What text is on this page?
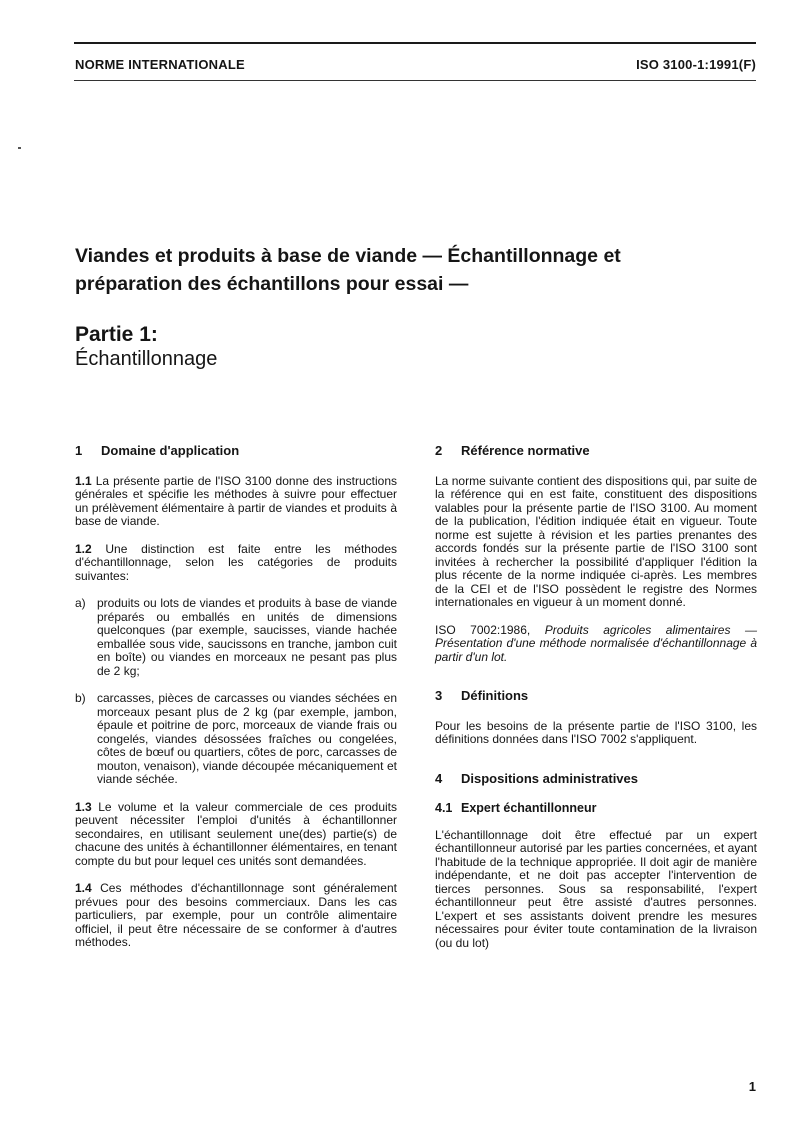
NORME INTERNATIONALE	ISO 3100-1:1991(F)
Viandes et produits à base de viande — Échantillonnage et
préparation des échantillons pour essai —
Partie 1:
Échantillonnage
1 Domaine d'application

1.1 La présente partie de l'ISO 3100 donne des instructions générales et spécifie les méthodes à suivre pour effectuer un prélèvement élémentaire à partir de viandes et produits à base de viande.

1.2 Une distinction est faite entre les méthodes d'échantillonnage, selon les catégories de produits suivantes:

a) produits ou lots de viandes et produits à base de viande préparés ou emballés en unités de dimensions quelconques (par exemple, saucisses, viande hachée emballée sous vide, saucissons en tranche, jambon cuit en boîte) ou viandes en morceaux ne pesant pas plus de 2 kg;
b) carcasses, pièces de carcasses ou viandes séchées en morceaux pesant plus de 2 kg (par exemple, jambon, épaule et poitrine de porc, morceaux de viande frais ou congelés, viandes désossées fraîches ou congelées, côtes de bœuf ou quartiers, côtes de porc, carcasses de mouton, venaison), viande découpée mécaniquement et viande séchée.

1.3 Le volume et la valeur commerciale de ces produits peuvent nécessiter l'emploi d'unités à échantillonner secondaires, en utilisant seulement une(des) partie(s) de chacune des unités à échantillonner élémentaires, en tenant compte du but pour lequel ces unités sont demandées.

1.4 Ces méthodes d'échantillonnage sont généralement prévues pour des besoins commerciaux. Dans les cas particuliers, par exemple, pour un contrôle alimentaire officiel, il peut être nécessaire de se conformer à d'autres méthodes.

2 Référence normative

La norme suivante contient des dispositions qui, par suite de la référence qui en est faite, constituent des dispositions valables pour la présente partie de l'ISO 3100. Au moment de la publication, l'édition indiquée était en vigueur. Toute norme est sujette à révision et les parties prenantes des accords fondés sur la présente partie de l'ISO 3100 sont invitées à rechercher la possibilité d'appliquer l'édition la plus récente de la norme indiquée ci-après. Les membres de la CEI et de l'ISO possèdent le registre des Normes internationales en vigueur à un moment donné.

ISO 7002:1986, Produits agricoles alimentaires — Présentation d'une méthode normalisée d'échantillonnage à partir d'un lot.

3 Définitions

Pour les besoins de la présente partie de l'ISO 3100, les définitions données dans l'ISO 7002 s'appliquent.

4 Dispositions administratives
4.1 Expert échantillonneur

L'échantillonnage doit être effectué par un expert échantillonneur autorisé par les parties concernées, et ayant l'habitude de la technique appropriée. Il doit agir de manière indépendante, et ne doit pas accepter l'intervention de tierces personnes. Sous sa responsabilité, l'expert échantillonneur peut être assisté d'autres personnes. L'expert et ses assistants doivent prendre les mesures nécessaires pour éviter toute contamination de la livraison (ou du lot)

1
